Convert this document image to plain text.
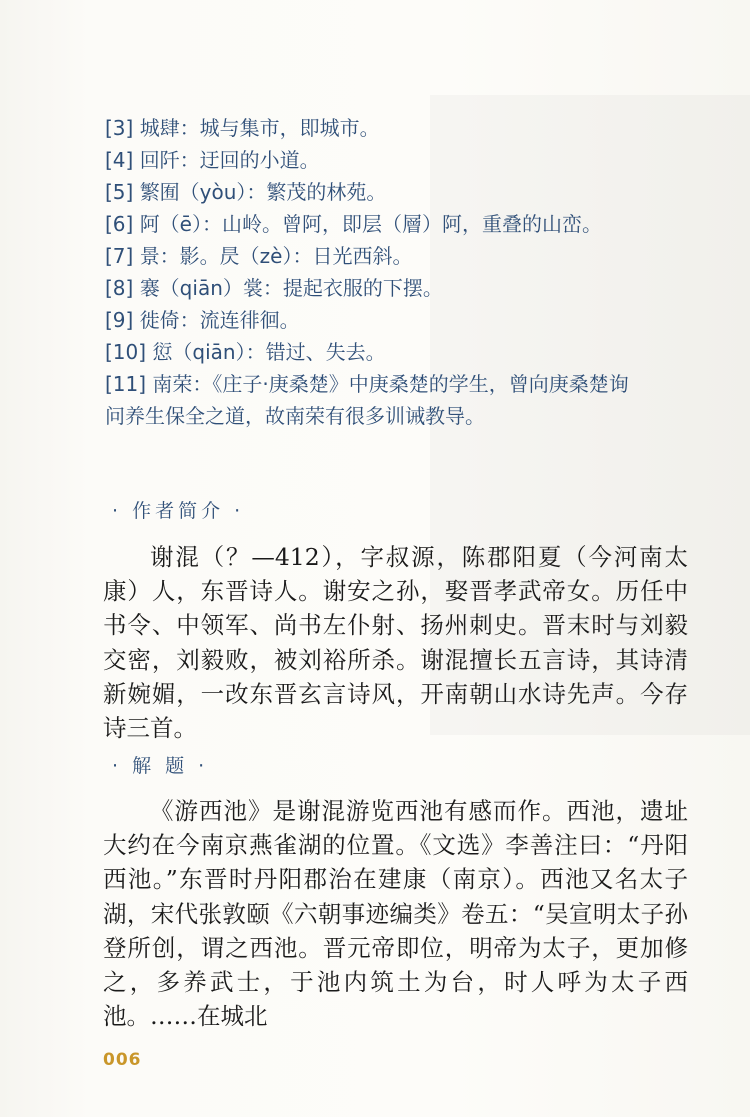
[3] 城肆：城与集市，即城市。
[4] 回阡：迂回的小道。
[5] 繁囿（yòu）：繁茂的林苑。
[6] 阿（ē）：山岭。曾阿，即层（層）阿，重叠的山峦。
[7] 景：影。昃（zè）：日光西斜。
[8] 褰（qiān）裳：提起衣服的下摆。
[9] 徙倚：流连徘徊。
[10] 愆（qiān）：错过、失去。
[11] 南荣：《庄子·庚桑楚》中庚桑楚的学生，曾向庚桑楚询问养生保全之道，故南荣有很多训诫教导。
· 作者简介 ·

谢混（？—412），字叔源，陈郡阳夏（今河南太康）人，东晋诗人。谢安之孙，娶晋孝武帝女。历任中书令、中领军、尚书左仆射、扬州刺史。晋末时与刘毅交密，刘毅败，被刘裕所杀。谢混擅长五言诗，其诗清新婉媚，一改东晋玄言诗风，开南朝山水诗先声。今存诗三首。

· 解 题 ·

《游西池》是谢混游览西池有感而作。西池，遗址大约在今南京燕雀湖的位置。《文选》李善注曰：“丹阳西池。”东晋时丹阳郡治在建康（南京）。西池又名太子湖，宋代张敦颐《六朝事迹编类》卷五：“吴宣明太子孙登所创，谓之西池。晋元帝即位，明帝为太子，更加修之，多养武士，于池内筑土为台，时人呼为太子西池。……在城北

006
